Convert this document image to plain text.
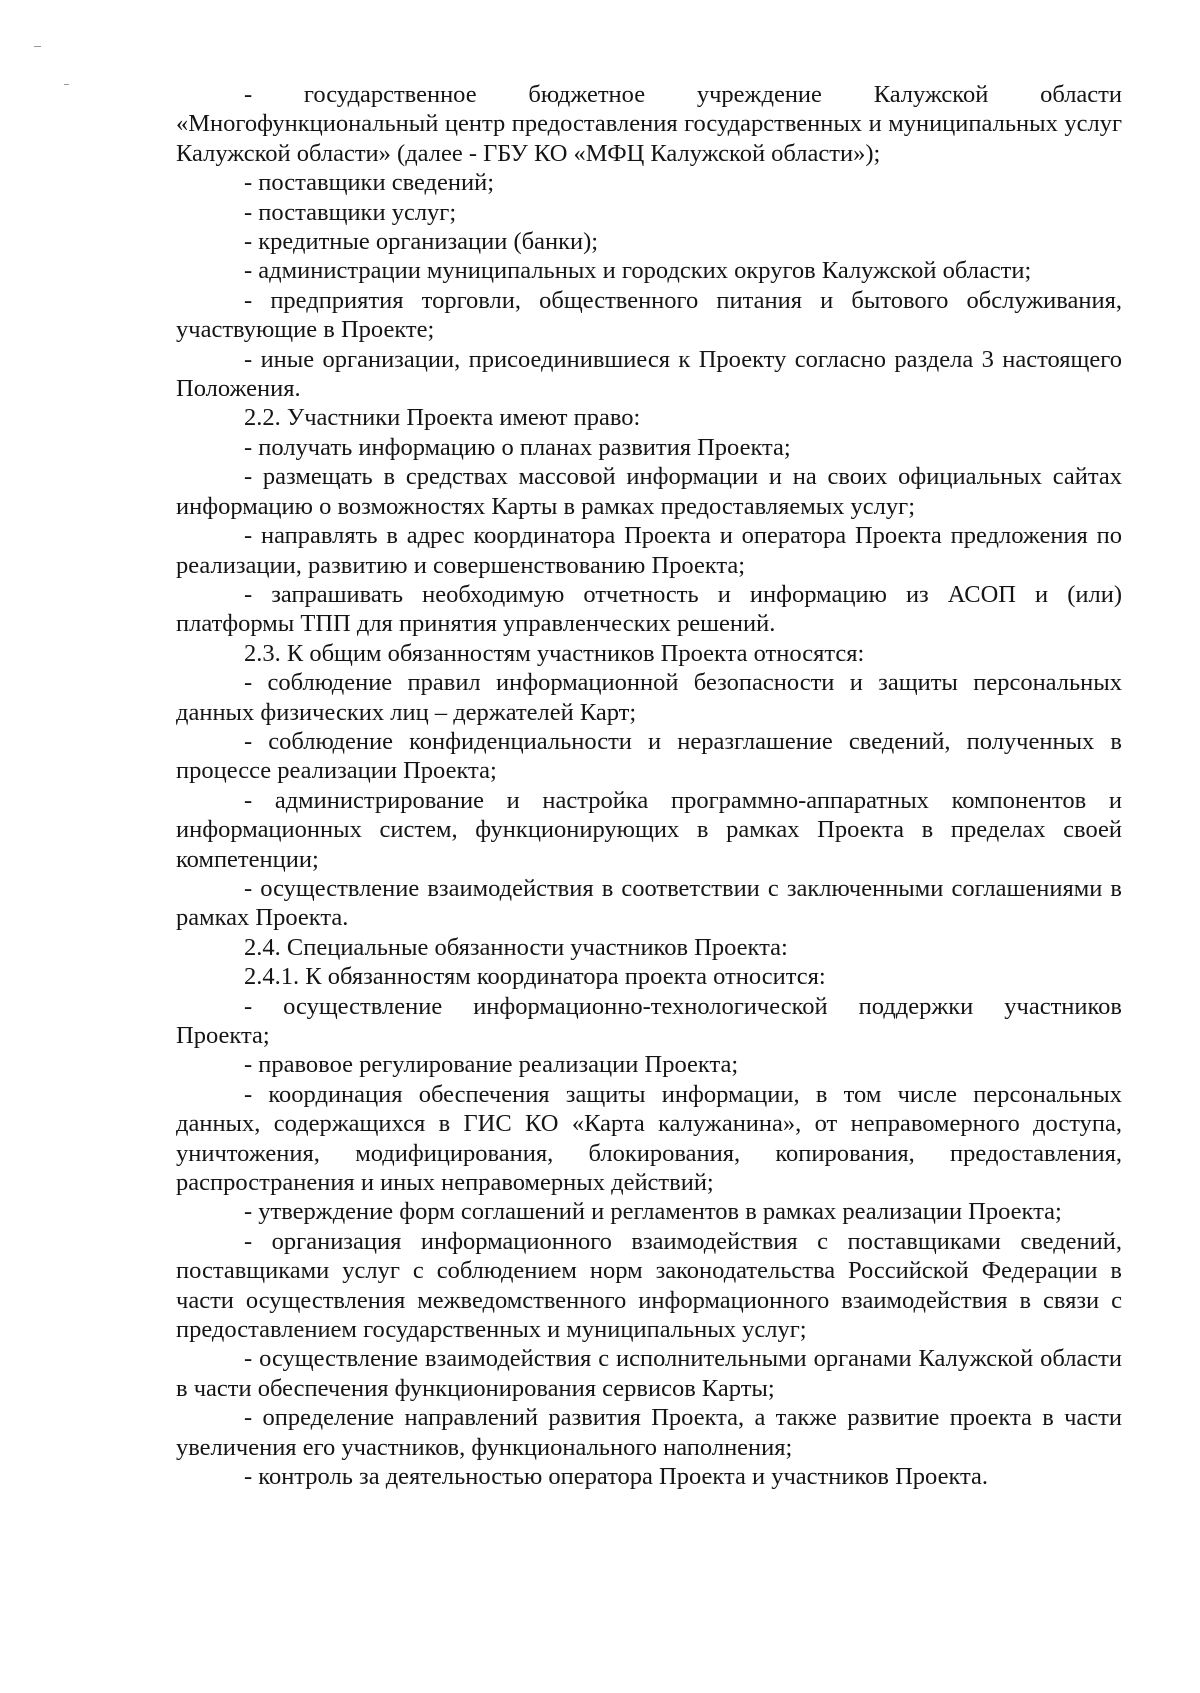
- государственное бюджетное учреждение Калужской области «Многофункциональный центр предоставления государственных и муниципальных услуг Калужской области» (далее - ГБУ КО «МФЦ Калужской области»);

- поставщики сведений;

- поставщики услуг;

- кредитные организации (банки);

- администрации муниципальных и городских округов Калужской области;

- предприятия торговли, общественного питания и бытового обслуживания, участвующие в Проекте;

- иные организации, присоединившиеся к Проекту согласно раздела 3 настоящего Положения.

2.2. Участники Проекта имеют право:

- получать информацию о планах развития Проекта;

- размещать в средствах массовой информации и на своих официальных сайтах информацию о возможностях Карты в рамках предоставляемых услуг;

- направлять в адрес координатора Проекта и оператора Проекта предложения по реализации, развитию и совершенствованию Проекта;

- запрашивать необходимую отчетность и информацию из АСОП и (или) платформы ТПП для принятия управленческих решений.

2.3. К общим обязанностям участников Проекта относятся:

- соблюдение правил информационной безопасности и защиты персональных данных физических лиц – держателей Карт;

- соблюдение конфиденциальности и неразглашение сведений, полученных в процессе реализации Проекта;

- администрирование и настройка программно-аппаратных компонентов и информационных систем, функционирующих в рамках Проекта в пределах своей компетенции;

- осуществление взаимодействия в соответствии с заключенными соглашениями в рамках Проекта.

2.4. Специальные обязанности участников Проекта:

2.4.1. К обязанностям координатора проекта относится:

- осуществление информационно-технологической поддержки участников Проекта;

- правовое регулирование реализации Проекта;

- координация обеспечения защиты информации, в том числе персональных данных, содержащихся в ГИС КО «Карта калужанина», от неправомерного доступа, уничтожения, модифицирования, блокирования, копирования, предоставления, распространения и иных неправомерных действий;

- утверждение форм соглашений и регламентов в рамках реализации Проекта;

- организация информационного взаимодействия с поставщиками сведений, поставщиками услуг с соблюдением норм законодательства Российской Федерации в части осуществления межведомственного информационного взаимодействия в связи с предоставлением государственных и муниципальных услуг;

- осуществление взаимодействия с исполнительными органами Калужской области в части обеспечения функционирования сервисов Карты;

- определение направлений развития Проекта, а также развитие проекта в части увеличения его участников, функционального наполнения;

- контроль за деятельностью оператора Проекта и участников Проекта.
